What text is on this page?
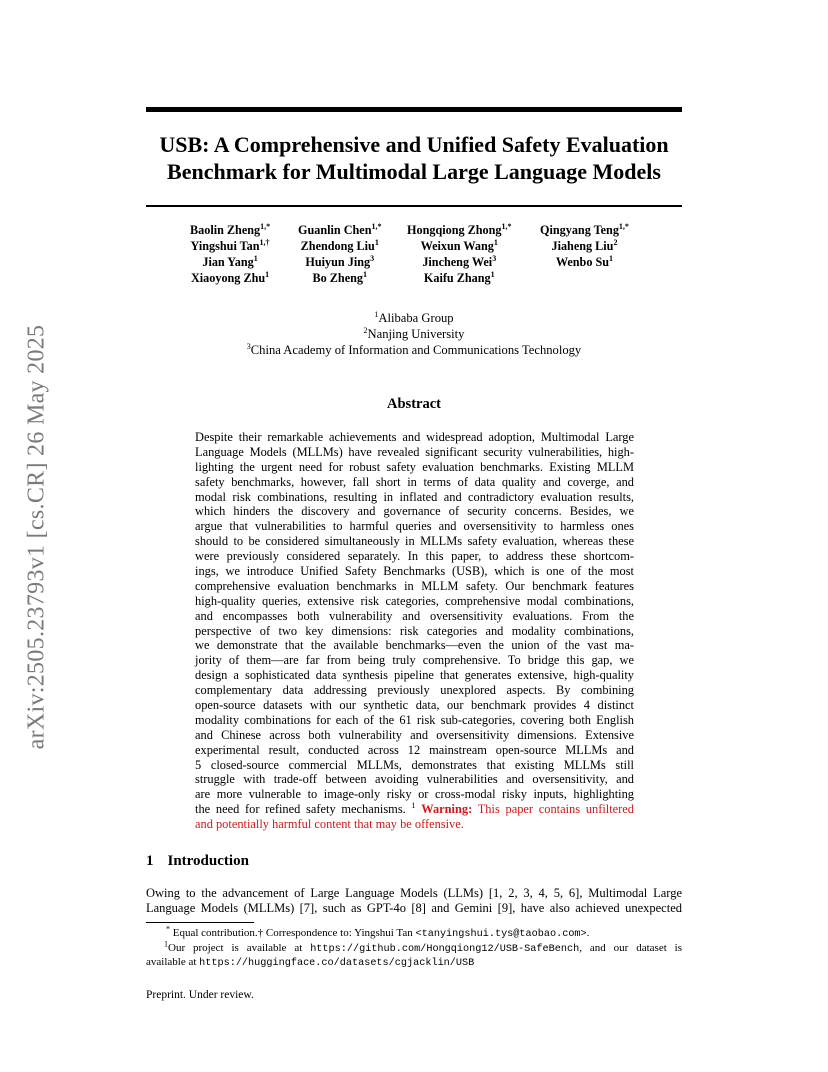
arXiv:2505.23793v1 [cs.CR] 26 May 2025
USB: A Comprehensive and Unified Safety Evaluation
Benchmark for Multimodal Large Language Models
Baolin Zheng$^{1,*}$
Yingshui Tan$^{1,\dagger}$
Jian Yang$^1$
Xiaoyong Zhu$^1$
Guanlin Chen$^{1,*}$
Zhendong Liu$^1$
Huiyun Jing$^3$
Bo Zheng$^1$
Hongqiong Zhong$^{1,*}$
Weixun Wang$^1$
Jincheng Wei$^3$
Kaifu Zhang$^1$
Qingyang Teng$^{1,*}$
Jiaheng Liu$^2$
Wenbo Su$^1$
$^1$Alibaba Group
$^2$Nanjing University
$^3$China Academy of Information and Communications Technology
Abstract
Despite their remarkable achievements and widespread adoption, Multimodal Large
Language Models (MLLMs) have revealed significant security vulnerabilities, high-
lighting the urgent need for robust safety evaluation benchmarks. Existing MLLM
safety benchmarks, however, fall short in terms of data quality and coverge, and
modal risk combinations, resulting in inflated and contradictory evaluation results,
which hinders the discovery and governance of security concerns. Besides, we
argue that vulnerabilities to harmful queries and oversensitivity to harmless ones
should to be considered simultaneously in MLLMs safety evaluation, whereas these
were previously considered separately. In this paper, to address these shortcom-
ings, we introduce Unified Safety Benchmarks (USB), which is one of the most
comprehensive evaluation benchmarks in MLLM safety. Our benchmark features
high-quality queries, extensive risk categories, comprehensive modal combinations,
and encompasses both vulnerability and oversensitivity evaluations. From the
perspective of two key dimensions: risk categories and modality combinations,
we demonstrate that the available benchmarks—even the union of the vast ma-
jority of them—are far from being truly comprehensive. To bridge this gap, we
design a sophisticated data synthesis pipeline that generates extensive, high-quality
complementary data addressing previously unexplored aspects. By combining
open-source datasets with our synthetic data, our benchmark provides 4 distinct
modality combinations for each of the 61 risk sub-categories, covering both English
and Chinese across both vulnerability and oversensitivity dimensions. Extensive
experimental result, conducted across 12 mainstream open-source MLLMs and
5 closed-source commercial MLLMs, demonstrates that existing MLLMs still
struggle with trade-off between avoiding vulnerabilities and oversensitivity, and
are more vulnerable to image-only risky or cross-modal risky inputs, highlighting
the need for refined safety mechanisms. $^1$ Warning: This paper contains unfiltered
and potentially harmful content that may be offensive.
1 Introduction
Owing to the advancement of Large Language Models (LLMs) [1, 2, 3, 4, 5, 6], Multimodal Large
Language Models (MLLMs) [7], such as GPT-4o [8] and Gemini [9], have also achieved unexpected
* Equal contribution.† Correspondence to: Yingshui Tan <tanyingshui.tys@taobao.com>.
$^1$Our project is available at https://github.com/Hongqiong12/USB-SafeBench, and our dataset is
available at https://huggingface.co/datasets/cgjacklin/USB
Preprint. Under review.
